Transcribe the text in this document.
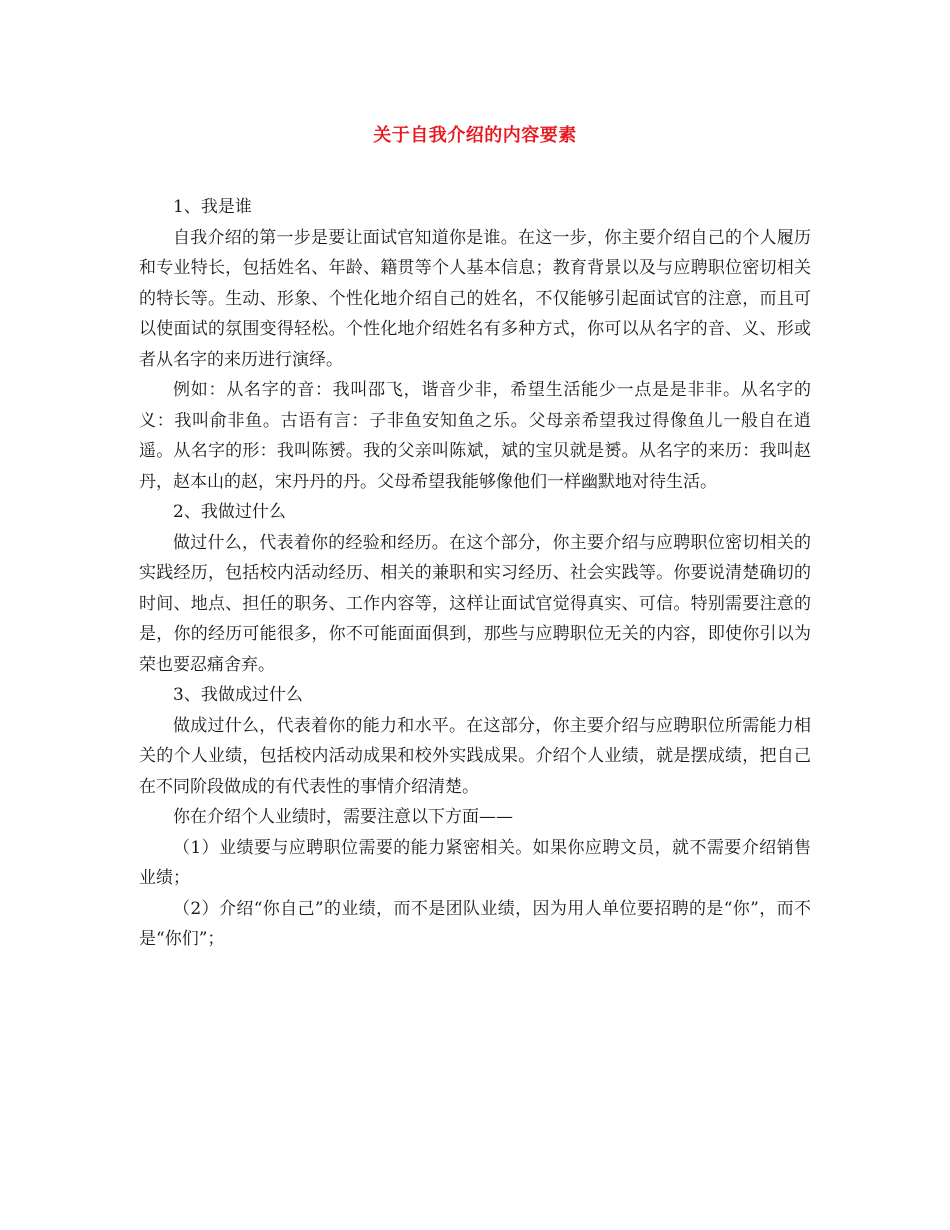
关于自我介绍的内容要素

1、我是谁

自我介绍的第一步是要让面试官知道你是谁。在这一步，你主要介绍自己的个人履历和专业特长，包括姓名、年龄、籍贯等个人基本信息；教育背景以及与应聘职位密切相关的特长等。生动、形象、个性化地介绍自己的姓名，不仅能够引起面试官的注意，而且可以使面试的氛围变得轻松。个性化地介绍姓名有多种方式，你可以从名字的音、义、形或者从名字的来历进行演绎。

例如：从名字的音：我叫邵飞，谐音少非，希望生活能少一点是是非非。从名字的义：我叫俞非鱼。古语有言：子非鱼安知鱼之乐。父母亲希望我过得像鱼儿一般自在逍遥。从名字的形：我叫陈赟。我的父亲叫陈斌，斌的宝贝就是赟。从名字的来历：我叫赵丹，赵本山的赵，宋丹丹的丹。父母希望我能够像他们一样幽默地对待生活。

2、我做过什么

做过什么，代表着你的经验和经历。在这个部分，你主要介绍与应聘职位密切相关的实践经历，包括校内活动经历、相关的兼职和实习经历、社会实践等。你要说清楚确切的时间、地点、担任的职务、工作内容等，这样让面试官觉得真实、可信。特别需要注意的是，你的经历可能很多，你不可能面面俱到，那些与应聘职位无关的内容，即使你引以为荣也要忍痛舍弃。

3、我做成过什么

做成过什么，代表着你的能力和水平。在这部分，你主要介绍与应聘职位所需能力相关的个人业绩，包括校内活动成果和校外实践成果。介绍个人业绩，就是摆成绩，把自己在不同阶段做成的有代表性的事情介绍清楚。

你在介绍个人业绩时，需要注意以下方面——

（1）业绩要与应聘职位需要的能力紧密相关。如果你应聘文员，就不需要介绍销售业绩；

（2）介绍“你自己”的业绩，而不是团队业绩，因为用人单位要招聘的是“你”，而不是“你们”；
